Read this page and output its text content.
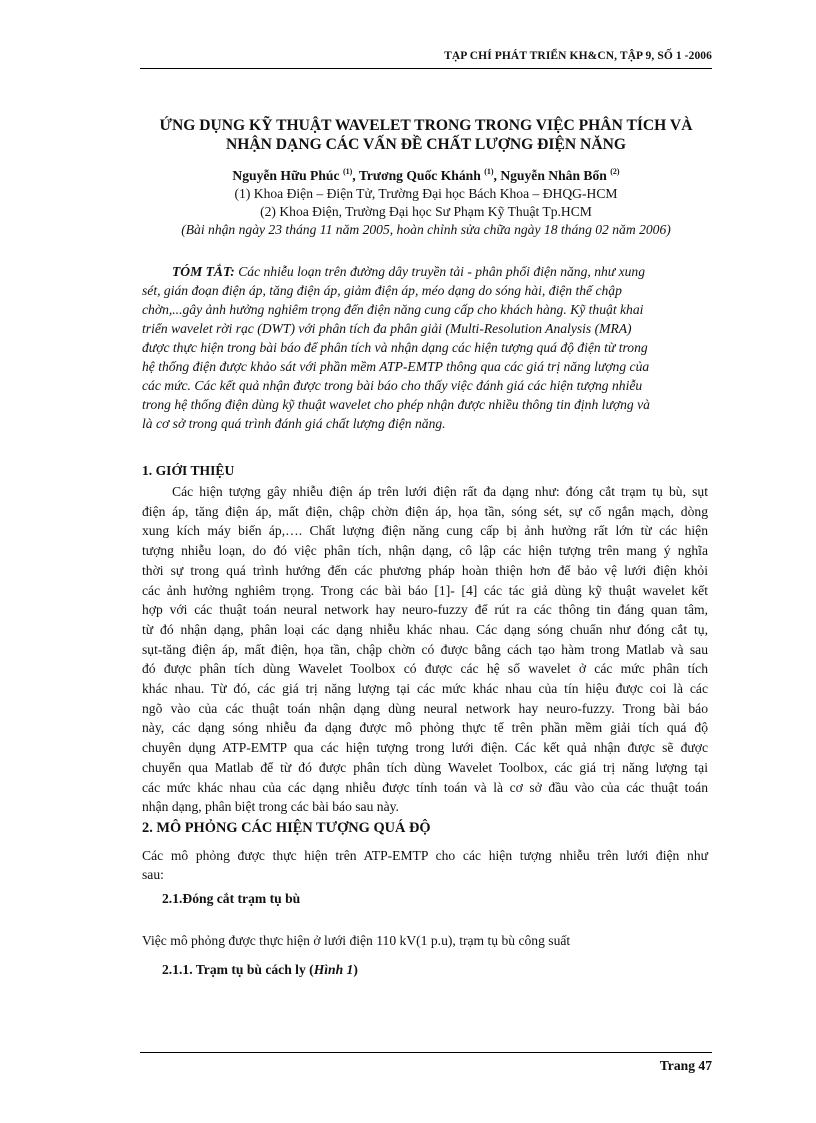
TẠP CHÍ PHÁT TRIỂN KH&CN, TẬP 9, SỐ 1 -2006
ỨNG DỤNG KỸ THUẬT WAVELET TRONG TRONG VIỆC PHÂN TÍCH VÀ
NHẬN DẠNG CÁC VẤN ĐỀ CHẤT LƯỢNG ĐIỆN NĂNG
Nguyễn Hữu Phúc $^{(1)}$, Trương Quốc Khánh $^{(1)}$, Nguyễn Nhân Bổn $^{(2)}$
(1) Khoa Điện – Điện Tử, Trường Đại học Bách Khoa – ĐHQG-HCM
(2) Khoa Điện, Trường Đại học Sư Phạm Kỹ Thuật Tp.HCM
(Bài nhận ngày 23 tháng 11 năm 2005, hoàn chỉnh sửa chữa ngày 18 tháng 02 năm 2006)
TÓM TẮT: Các nhiễu loạn trên đường dây truyền tải - phân phối điện năng, như xung
sét, gián đoạn điện áp, tăng điện áp, giảm điện áp, méo dạng do sóng hài, điện thế chập
chờn,...gây ảnh hưởng nghiêm trọng đến điện năng cung cấp cho khách hàng. Kỹ thuật khai
triển wavelet rời rạc (DWT) với phân tích đa phân giải (Multi-Resolution Analysis (MRA)
được thực hiện trong bài báo để phân tích và nhận dạng các hiện tượng quá độ điện từ trong
hệ thống điện được khảo sát với phần mềm ATP-EMTP thông qua các giá trị năng lượng của
các mức. Các kết quả nhận được trong bài báo cho thấy việc đánh giá các hiện tượng nhiễu
trong hệ thống điện dùng kỹ thuật wavelet cho phép nhận được nhiều thông tin định lượng và
là cơ sở trong quá trình đánh giá chất lượng điện năng.
1. GIỚI THIỆU
Các hiện tượng gây nhiễu điện áp trên lưới điện rất đa dạng như: đóng cắt trạm tụ bù, sụt
điện áp, tăng điện áp, mất điện, chập chờn điện áp, họa tần, sóng sét, sự cố ngắn mạch, dòng
xung kích máy biến áp,…. Chất lượng điện năng cung cấp bị ảnh hưởng rất lớn từ các hiện
tượng nhiễu loạn, do đó việc phân tích, nhận dạng, cô lập các hiện tượng trên mang ý nghĩa
thời sự trong quá trình hướng đến các phương pháp hoàn thiện hơn để bảo vệ lưới điện khỏi
các ảnh hưởng nghiêm trọng. Trong các bài báo [1]- [4] các tác giả dùng kỹ thuật wavelet kết
hợp với các thuật toán neural network hay neuro-fuzzy để rút ra các thông tin đáng quan tâm,
từ đó nhận dạng, phân loại các dạng nhiễu khác nhau. Các dạng sóng chuẩn như đóng cắt tụ,
sụt-tăng điện áp, mất điện, họa tần, chập chờn có được bằng cách tạo hàm trong Matlab và sau
đó được phân tích dùng Wavelet Toolbox có được các hệ số wavelet ở các mức phân tích
khác nhau. Từ đó, các giá trị năng lượng tại các mức khác nhau của tín hiệu được coi là các
ngõ vào của các thuật toán nhận dạng dùng neural network hay neuro-fuzzy. Trong bài báo
này, các dạng sóng nhiễu đa dạng được mô phỏng thực tế trên phần mềm giải tích quá độ
chuyên dụng ATP-EMTP qua các hiện tượng trong lưới điện. Các kết quả nhận được sẽ được
chuyển qua Matlab để từ đó được phân tích dùng Wavelet Toolbox, các giá trị năng lượng tại
các mức khác nhau của các dạng nhiễu được tính toán và là cơ sở đầu vào của các thuật toán
nhận dạng, phân biệt trong các bài báo sau này.
2. MÔ PHỎNG CÁC HIỆN TƯỢNG QUÁ ĐỘ
Các mô phỏng được thực hiện trên ATP-EMTP cho các hiện tượng nhiễu trên lưới điện như
sau:
2.1.Đóng cắt trạm tụ bù
Việc mô phỏng được thực hiện ở lưới điện 110 kV(1 p.u), trạm tụ bù công suất
2.1.1. Trạm tụ bù cách ly (Hình 1)
Trang 47
